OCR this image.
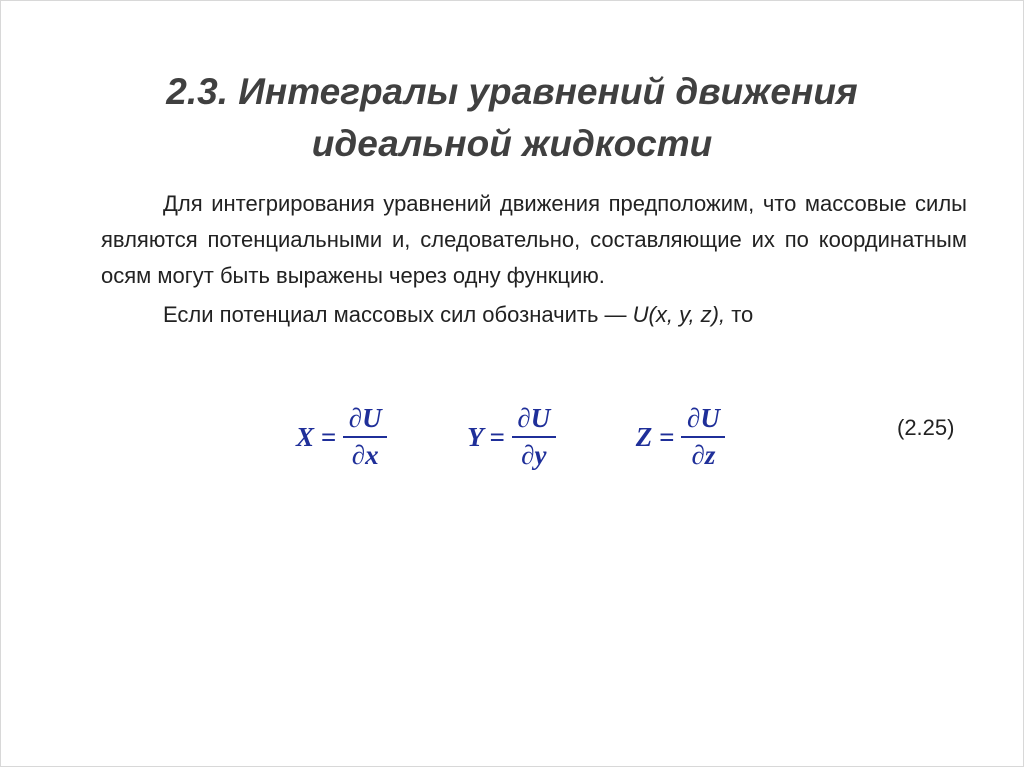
2.3. Интегралы уравнений движения
идеальной жидкости

Для интегрирования уравнений движения предположим, что массовые силы являются потенциальными и, следовательно, составляющие их по координатным осям могут быть выражены через одну функцию.

Если потенциал массовых сил обозначить — U(x, y, z), то

$X = \frac{\partial U}{\partial x}$	$Y = \frac{\partial U}{\partial y}$	$Z = \frac{\partial U}{\partial z}$	(2.25)
